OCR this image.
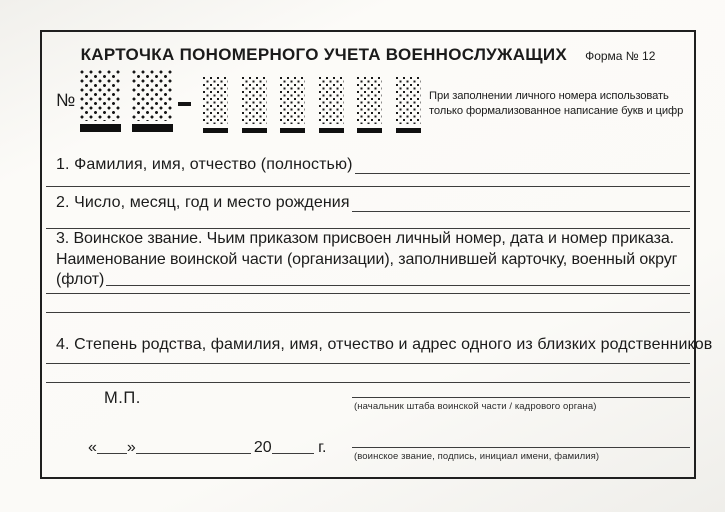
КАРТОЧКА ПОНОМЕРНОГО УЧЕТА ВОЕННОСЛУЖАЩИХ Форма № 12
№	При заполнении личного номера использовать
только формализованное написание букв и цифр
1. Фамилия, имя, отчество (полностью)
2. Число, месяц, год и место рождения
3. Воинское звание. Чьим приказом присвоен личный номер, дата и номер приказа.
Наименование воинской части (организации), заполнившей карточку, военный округ
(флот)
4. Степень родства, фамилия, имя, отчество и адрес одного из близких родственников
М.П.	(начальник штаба воинской части / кадрового органа)
« »	20	г.
(воинское звание, подпись, инициал имени, фамилия)
